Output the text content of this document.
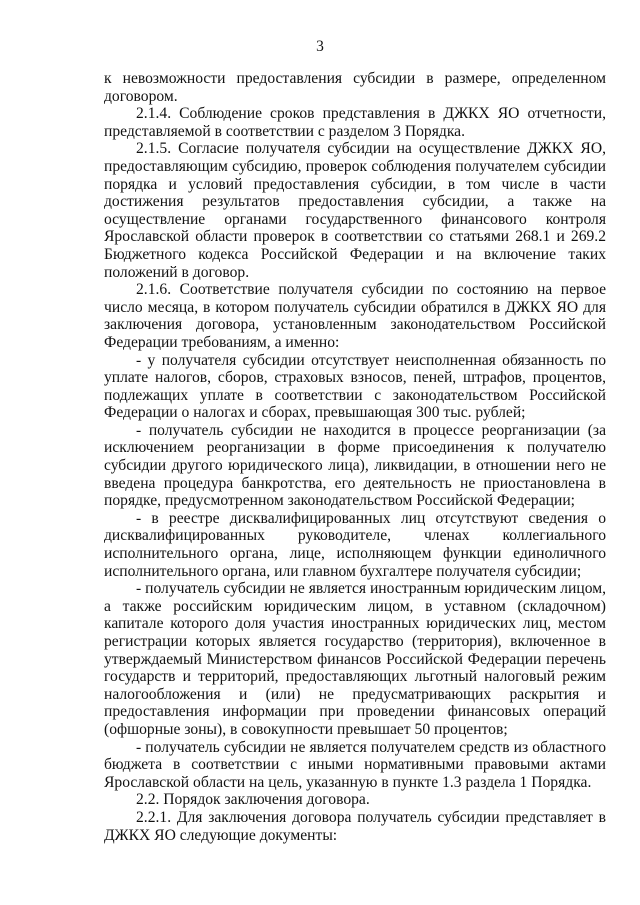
3

к невозможности предоставления субсидии в размере, определенном договором.

2.1.4. Соблюдение сроков представления в ДЖКХ ЯО отчетности, представляемой в соответствии с разделом 3 Порядка.

2.1.5. Согласие получателя субсидии на осуществление ДЖКХ ЯО, предоставляющим субсидию, проверок соблюдения получателем субсидии порядка и условий предоставления субсидии, в том числе в части достижения результатов предоставления субсидии, а также на осуществление органами государственного финансового контроля Ярославской области проверок в соответствии со статьями 268.1 и 269.2 Бюджетного кодекса Российской Федерации и на включение таких положений в договор.

2.1.6. Соответствие получателя субсидии по состоянию на первое число месяца, в котором получатель субсидии обратился в ДЖКХ ЯО для заключения договора, установленным законодательством Российской Федерации требованиям, а именно:

- у получателя субсидии отсутствует неисполненная обязанность по уплате налогов, сборов, страховых взносов, пеней, штрафов, процентов, подлежащих уплате в соответствии с законодательством Российской Федерации о налогах и сборах, превышающая 300 тыс. рублей;

- получатель субсидии не находится в процессе реорганизации (за исключением реорганизации в форме присоединения к получателю субсидии другого юридического лица), ликвидации, в отношении него не введена процедура банкротства, его деятельность не приостановлена в порядке, предусмотренном законодательством Российской Федерации;

- в реестре дисквалифицированных лиц отсутствуют сведения о дисквалифицированных руководителе, членах коллегиального исполнительного органа, лице, исполняющем функции единоличного исполнительного органа, или главном бухгалтере получателя субсидии;

- получатель субсидии не является иностранным юридическим лицом, а также российским юридическим лицом, в уставном (складочном) капитале которого доля участия иностранных юридических лиц, местом регистрации которых является государство (территория), включенное в утверждаемый Министерством финансов Российской Федерации перечень государств и территорий, предоставляющих льготный налоговый режим налогообложения и (или) не предусматривающих раскрытия и предоставления информации при проведении финансовых операций (офшорные зоны), в совокупности превышает 50 процентов;

- получатель субсидии не является получателем средств из областного бюджета в соответствии с иными нормативными правовыми актами Ярославской области на цель, указанную в пункте 1.3 раздела 1 Порядка.

2.2. Порядок заключения договора.

2.2.1. Для заключения договора получатель субсидии представляет в ДЖКХ ЯО следующие документы:
